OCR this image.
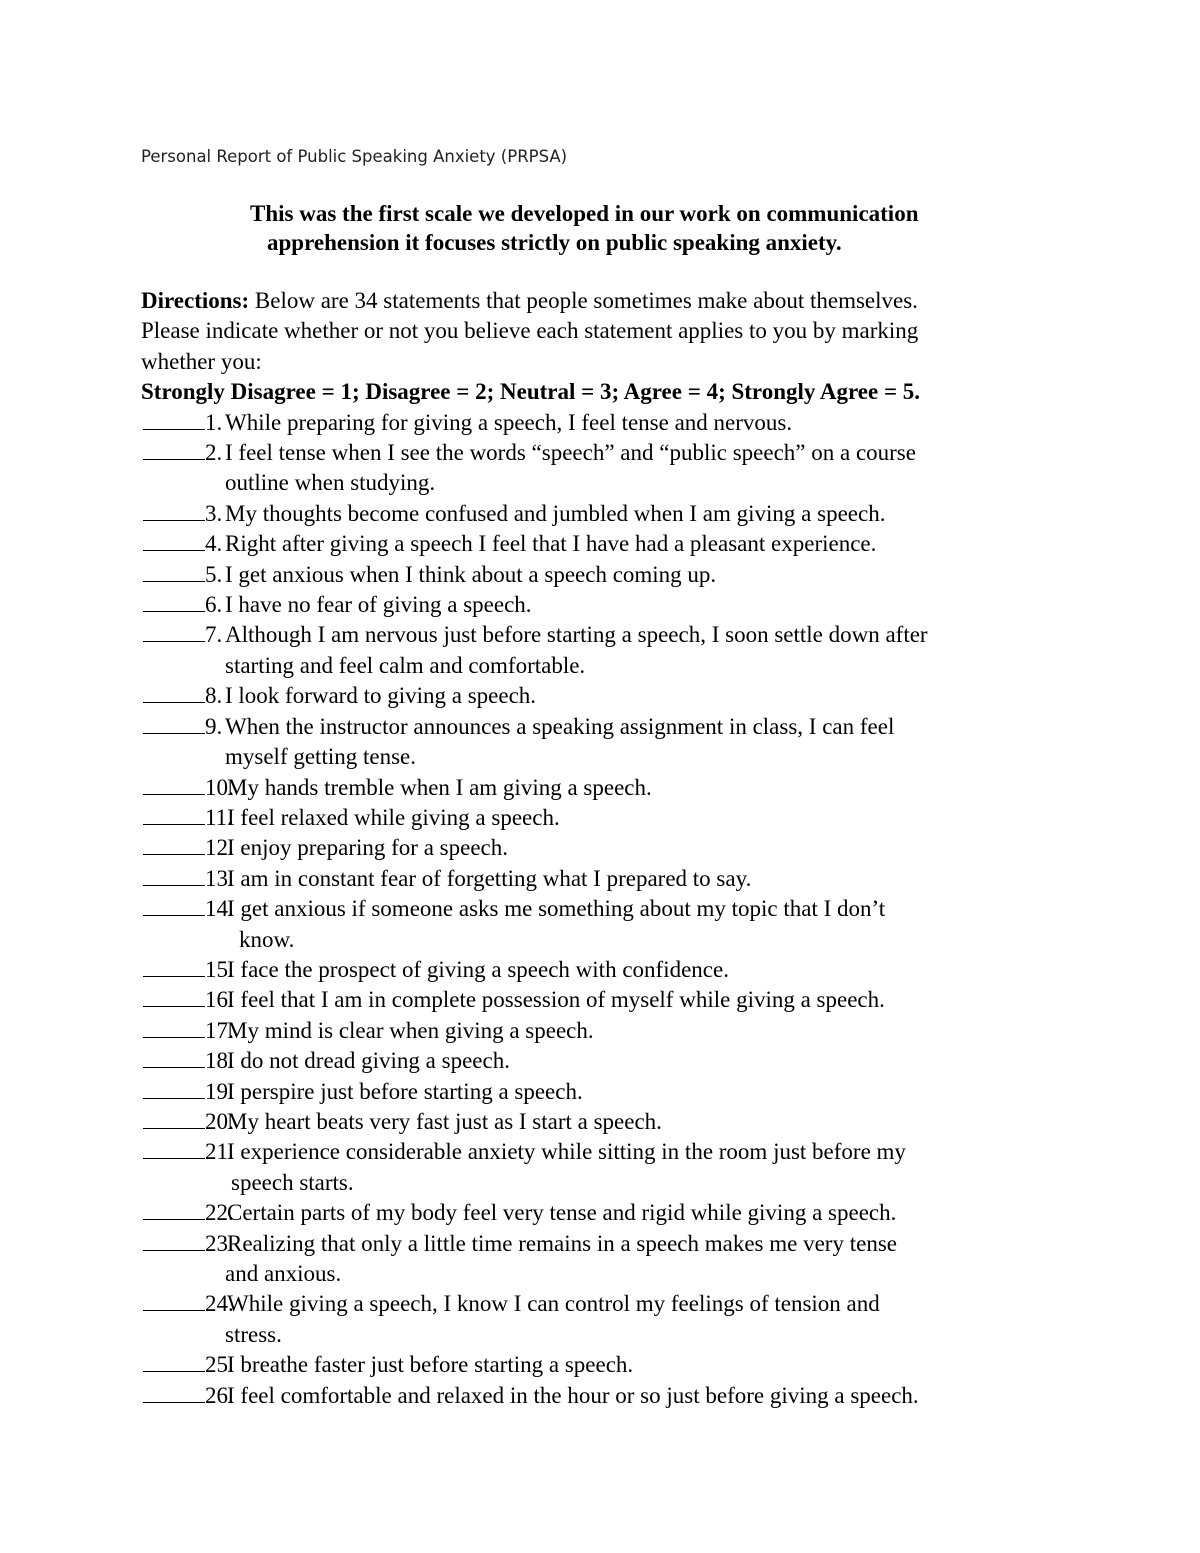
Personal Report of Public Speaking Anxiety (PRPSA)
This was the first scale we developed in our work on communication
apprehension it focuses strictly on public speaking anxiety.
Directions: Below are 34 statements that people sometimes make about themselves.
Please indicate whether or not you believe each statement applies to you by marking
whether you:
Strongly Disagree = 1; Disagree = 2; Neutral = 3; Agree = 4; Strongly Agree = 5.
1. While preparing for giving a speech, I feel tense and nervous.
2. I feel tense when I see the words “speech” and “public speech” on a course
outline when studying.
3. My thoughts become confused and jumbled when I am giving a speech.
4. Right after giving a speech I feel that I have had a pleasant experience.
5. I get anxious when I think about a speech coming up.
6. I have no fear of giving a speech.
7. Although I am nervous just before starting a speech, I soon settle down after
starting and feel calm and comfortable.
8. I look forward to giving a speech.
9. When the instructor announces a speaking assignment in class, I can feel
myself getting tense.
10.
My hands tremble when I am giving a speech.
11.
I feel relaxed while giving a speech.
12.
I enjoy preparing for a speech.
13.
I am in constant fear of forgetting what I prepared to say.
14.
I get anxious if someone asks me something about my topic that I don’t
know.
15.
I face the prospect of giving a speech with confidence.
16.
I feel that I am in complete possession of myself while giving a speech.
17.
My mind is clear when giving a speech.
18.
I do not dread giving a speech.
19.
I perspire just before starting a speech.
20.
My heart beats very fast just as I start a speech.
21.
I experience considerable anxiety while sitting in the room just before my
speech starts.
22.
Certain parts of my body feel very tense and rigid while giving a speech.
23.
Realizing that only a little time remains in a speech makes me very tense
and anxious.
24.
While giving a speech, I know I can control my feelings of tension and
stress.
25.
I breathe faster just before starting a speech.
26.
I feel comfortable and relaxed in the hour or so just before giving a speech.
